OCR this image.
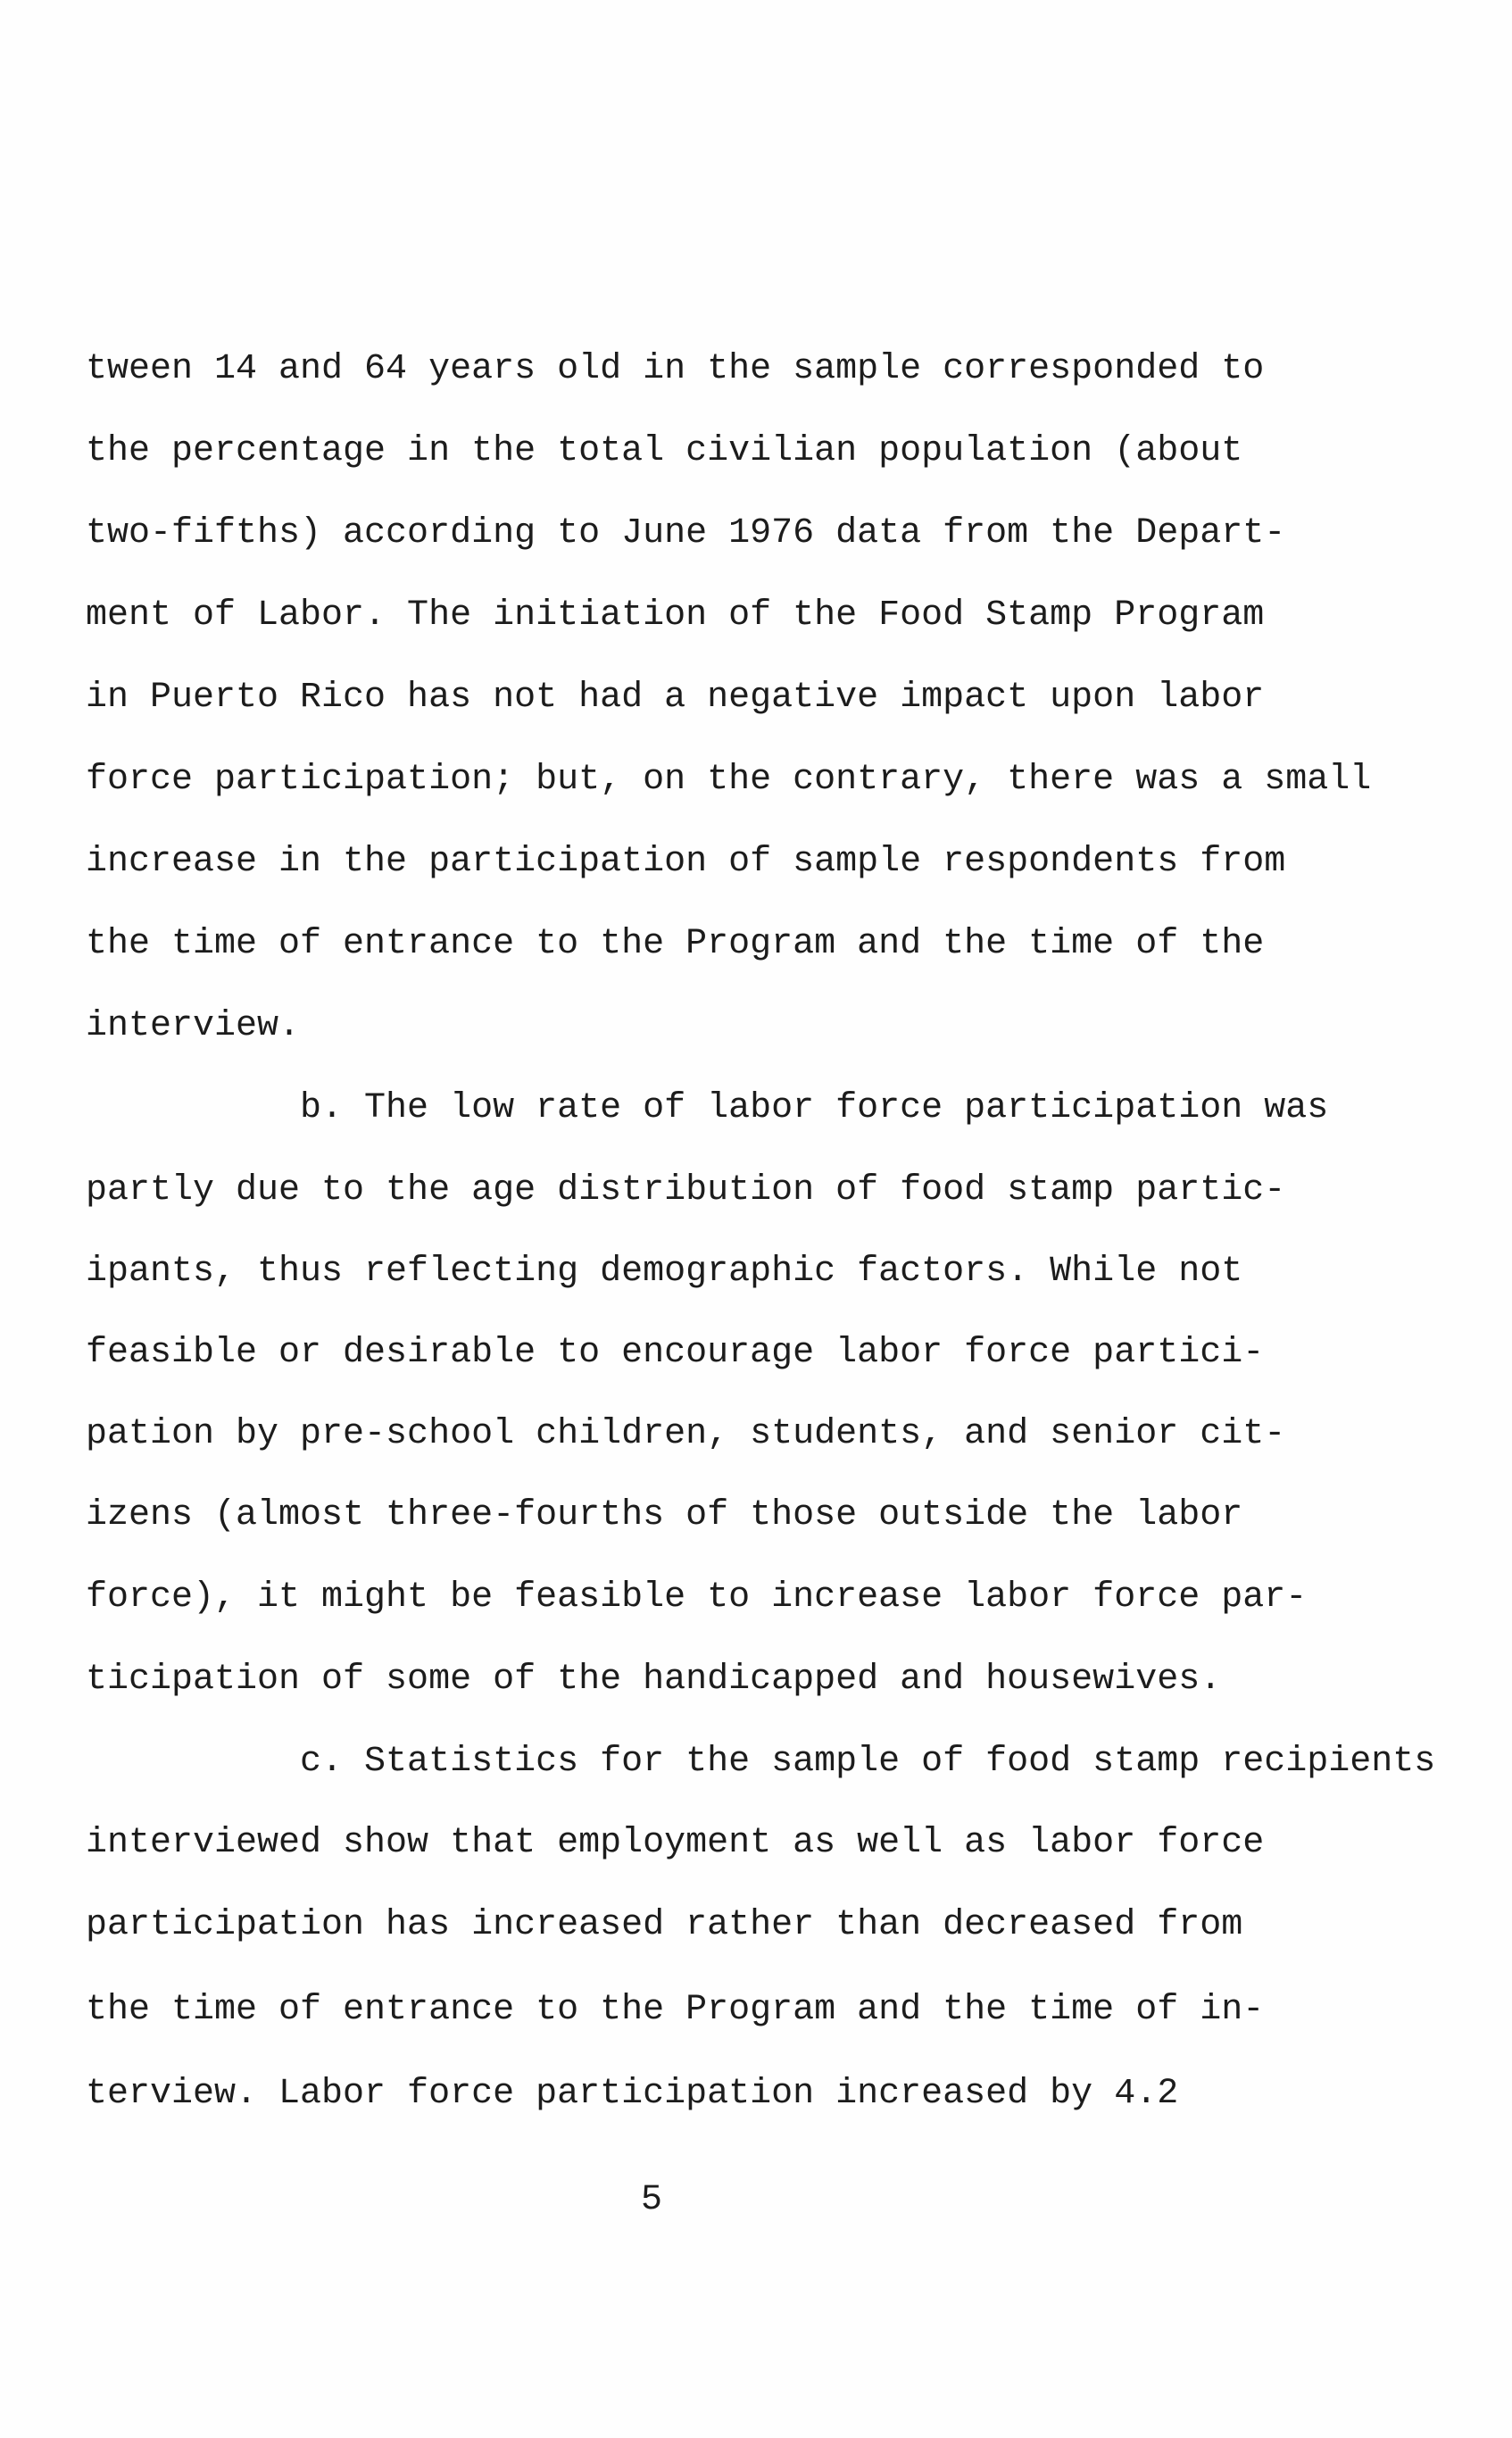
tween 14 and 64 years old in the sample corresponded to
the percentage in the total civilian population (about
two-fifths) according to June 1976 data from the Depart-
ment of Labor. The initiation of the Food Stamp Program
in Puerto Rico has not had a negative impact upon labor
force participation; but, on the contrary, there was a small
increase in the participation of sample respondents from
the time of entrance to the Program and the time of the
interview.
b. The low rate of labor force participation was
partly due to the age distribution of food stamp partic-
ipants, thus reflecting demographic factors. While not
feasible or desirable to encourage labor force partici-
pation by pre-school children, students, and senior cit-
izens (almost three-fourths of those outside the labor
force), it might be feasible to increase labor force par-
ticipation of some of the handicapped and housewives.
c. Statistics for the sample of food stamp recipients
interviewed show that employment as well as labor force
participation has increased rather than decreased from
the time of entrance to the Program and the time of in-
terview. Labor force participation increased by 4.2
5
